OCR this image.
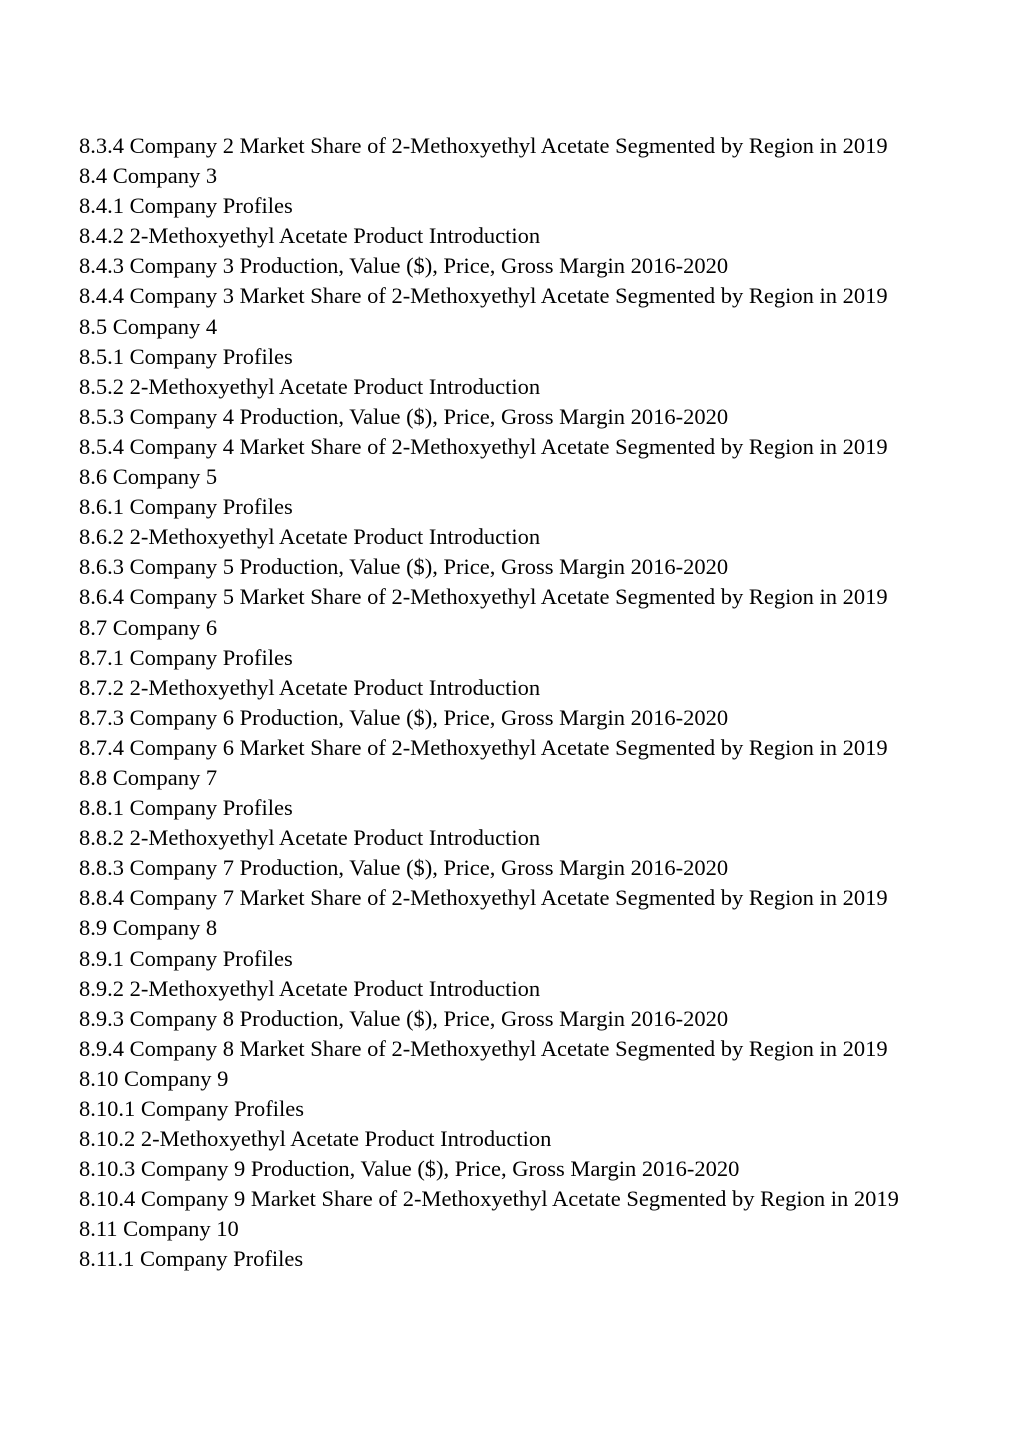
8.3.4 Company 2 Market Share of 2-Methoxyethyl Acetate Segmented by Region in 2019
8.4 Company 3
8.4.1 Company Profiles
8.4.2 2-Methoxyethyl Acetate Product Introduction
8.4.3 Company 3 Production, Value ($), Price, Gross Margin 2016-2020
8.4.4 Company 3 Market Share of 2-Methoxyethyl Acetate Segmented by Region in 2019
8.5 Company 4
8.5.1 Company Profiles
8.5.2 2-Methoxyethyl Acetate Product Introduction
8.5.3 Company 4 Production, Value ($), Price, Gross Margin 2016-2020
8.5.4 Company 4 Market Share of 2-Methoxyethyl Acetate Segmented by Region in 2019
8.6 Company 5
8.6.1 Company Profiles
8.6.2 2-Methoxyethyl Acetate Product Introduction
8.6.3 Company 5 Production, Value ($), Price, Gross Margin 2016-2020
8.6.4 Company 5 Market Share of 2-Methoxyethyl Acetate Segmented by Region in 2019
8.7 Company 6
8.7.1 Company Profiles
8.7.2 2-Methoxyethyl Acetate Product Introduction
8.7.3 Company 6 Production, Value ($), Price, Gross Margin 2016-2020
8.7.4 Company 6 Market Share of 2-Methoxyethyl Acetate Segmented by Region in 2019
8.8 Company 7
8.8.1 Company Profiles
8.8.2 2-Methoxyethyl Acetate Product Introduction
8.8.3 Company 7 Production, Value ($), Price, Gross Margin 2016-2020
8.8.4 Company 7 Market Share of 2-Methoxyethyl Acetate Segmented by Region in 2019
8.9 Company 8
8.9.1 Company Profiles
8.9.2 2-Methoxyethyl Acetate Product Introduction
8.9.3 Company 8 Production, Value ($), Price, Gross Margin 2016-2020
8.9.4 Company 8 Market Share of 2-Methoxyethyl Acetate Segmented by Region in 2019
8.10 Company 9
8.10.1 Company Profiles
8.10.2 2-Methoxyethyl Acetate Product Introduction
8.10.3 Company 9 Production, Value ($), Price, Gross Margin 2016-2020
8.10.4 Company 9 Market Share of 2-Methoxyethyl Acetate Segmented by Region in 2019
8.11 Company 10
8.11.1 Company Profiles
